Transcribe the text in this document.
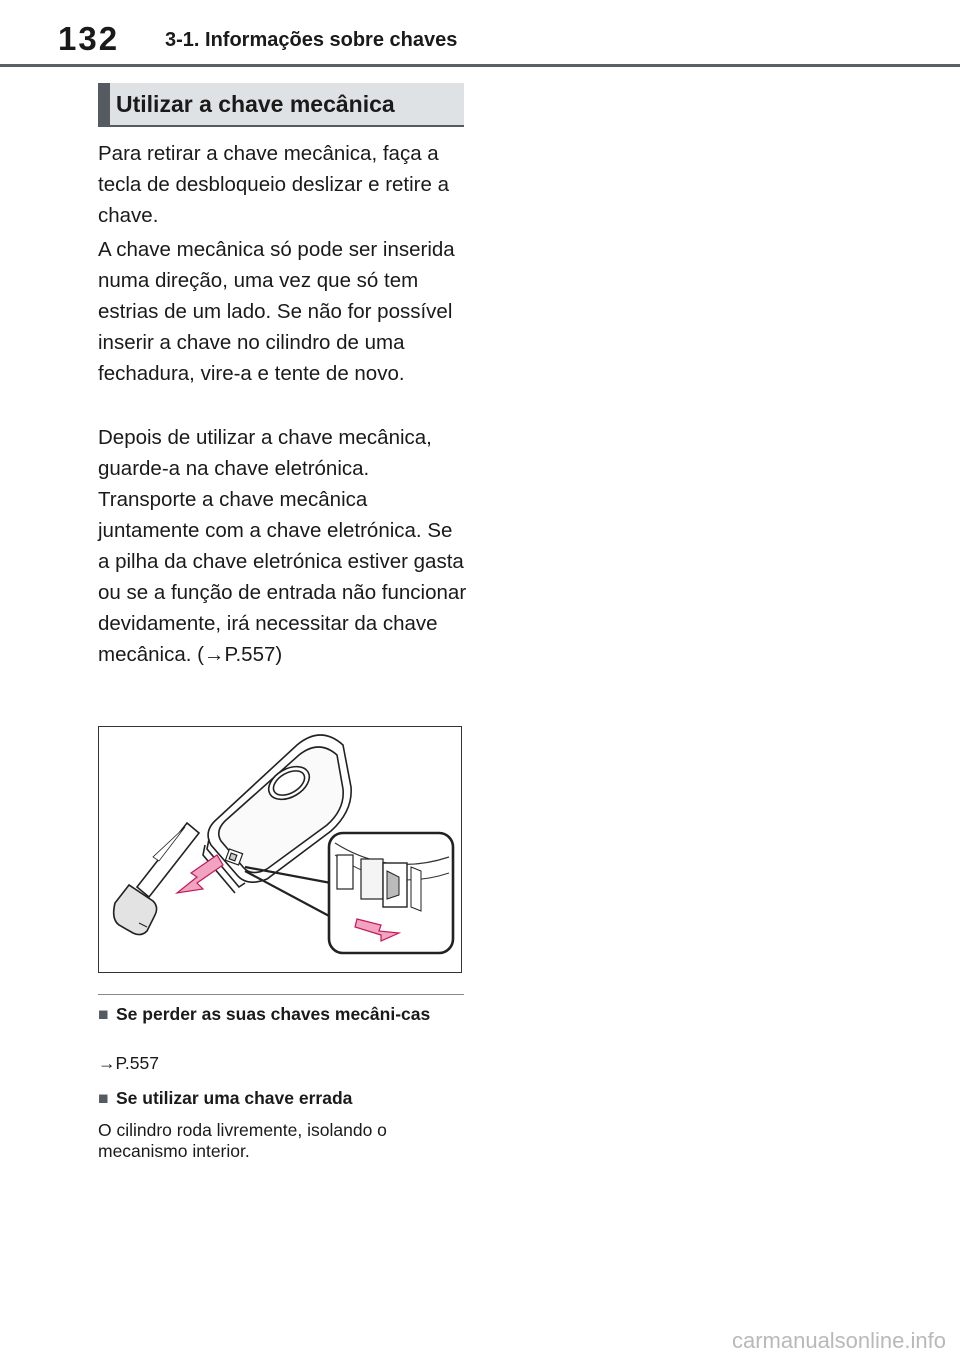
132 3-1. Informações sobre chaves
Utilizar a chave mecânica

Para retirar a chave mecânica, faça a tecla de desbloqueio deslizar e retire a chave.

A chave mecânica só pode ser inserida numa direção, uma vez que só tem estrias de um lado. Se não for possível inserir a chave no cilindro de uma fechadura, vire-a e tente de novo.

Depois de utilizar a chave mecânica, guarde-a na chave eletrónica. Transporte a chave mecânica juntamente com a chave eletrónica. Se a pilha da chave eletrónica estiver gasta ou se a função de entrada não funcionar devidamente, irá necessitar da chave mecânica. (→P.557)

■ Se perder as suas chaves mecâni-cas

→P.557

■ Se utilizar uma chave errada

O cilindro roda livremente, isolando o mecanismo interior.

carmanualsonline.info
